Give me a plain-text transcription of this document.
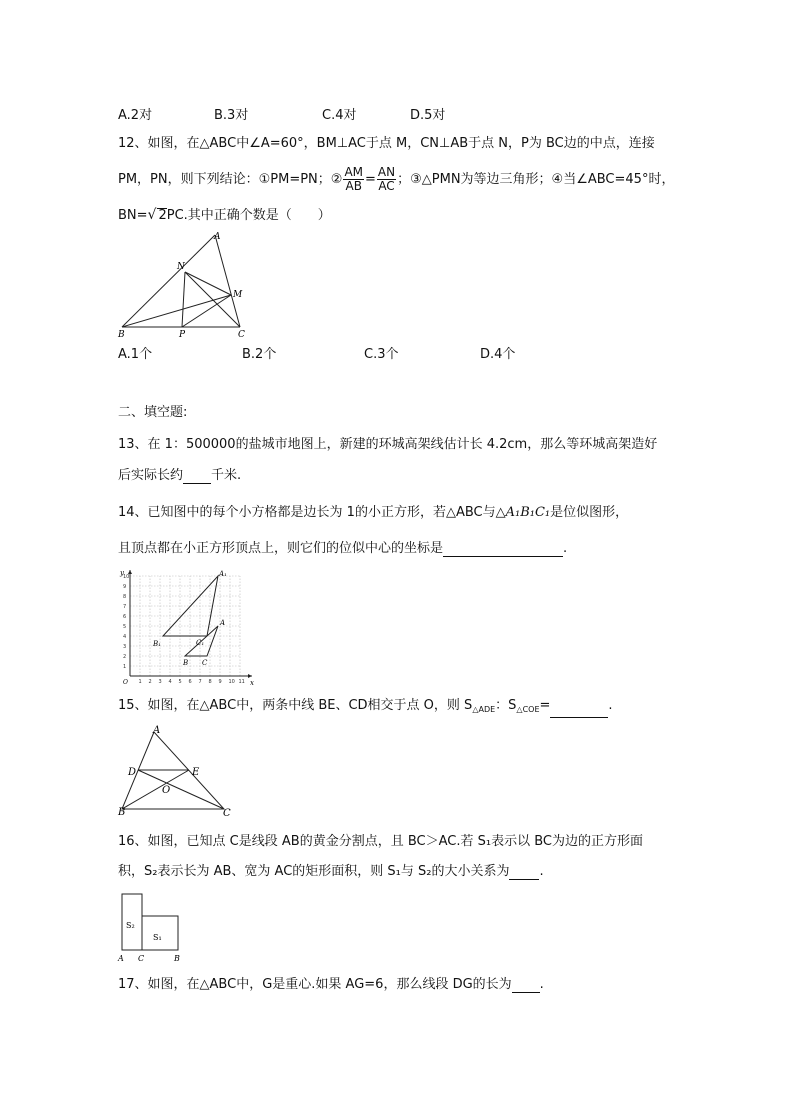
A.2对	B.3对	C.4对	D.5对
12、如图，在△ABC中∠A=60°，BM⊥AC于点 M，CN⊥AB于点 N，P为 BC边的中点，连接
PM，PN，则下列结论：①PM=PN；② $\frac{AM}{AB} = \frac{AN}{AC}$ ；③△PMN为等边三角形；④当∠ABC=45°时，
BN=√ 2PC.其中正确个数是（　　）
A
N
M
B	P	C
A.1个	B.2个	C.3个	D.4个
二、填空题:
13、在 1：500000的盐城市地图上，新建的环城高架线估计长 4.2cm，那么等环城高架造好
后实际长约 千米.
14、已知图中的每个小方格都是边长为 1的小正方形，若△ABC与△A₁B₁C₁是位似图形，
且顶点都在小正方形顶点上，则它们的位似中心的坐标是	.
y
x
O 1 2 3 4 5 6 7 8 9 10 11
1
2
3
4
5
6
7
8
9
10	A₁
B₁	C₁
A
B C
15、如图，在△ABC中，两条中线 BE、CD相交于点 O，则 $S_{\triangle ADE}$：$S_{\triangle COE}=$	.
A
D	E
O
B	C
16、如图，已知点 C是线段 AB的黄金分割点，且 BC＞AC.若 S₁表示以 BC为边的正方形面
积，S₂表示长为 AB、宽为 AC的矩形面积，则 S₁与 S₂的大小关系为 .
S₂
S₁
A C	B
17、如图，在△ABC中，G是重心.如果 AG=6，那么线段 DG的长为 .
